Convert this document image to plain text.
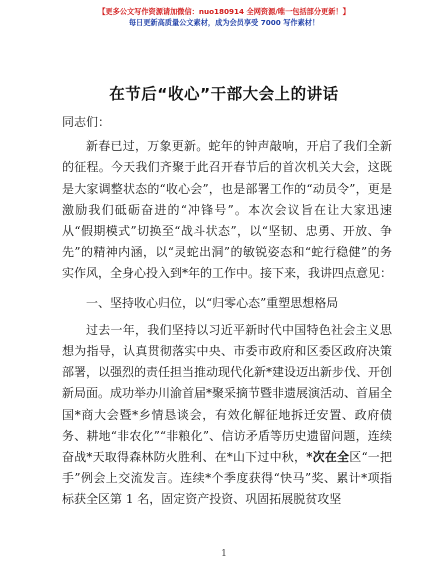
【更多公文写作资源请加微信：nuo180914 全网资源/唯一包括部分更新！】
每日更新高质量公文素材，成为会员享受 7000 写作素材！
在节后“收心”干部大会上的讲话

同志们：

新春已过，万象更新。蛇年的钟声敲响，开启了我们全新的征程。今天我们齐聚于此召开春节后的首次机关大会，这既是大家调整状态的“收心会”，也是部署工作的“动员令”，更是激励我们砥砺奋进的“冲锋号”。本次会议旨在让大家迅速从“假期模式”切换至“战斗状态”，以“坚韧、忠勇、开放、争先”的精神内涵，以“灵蛇出洞”的敏锐姿态和“蛇行稳健”的务实作风，全身心投入到*年的工作中。接下来，我讲四点意见：

一、坚持收心归位，以“归零心态”重塑思想格局

过去一年，我们坚持以习近平新时代中国特色社会主义思想为指导，认真贯彻落实中央、市委市政府和区委区政府决策部署，以强烈的责任担当推动现代化新*建设迈出新步伐、开创新局面。成功举办川渝首届*聚采摘节暨非遗展演活动、首届全国*商大会暨*乡情恳谈会，有效化解征地拆迁安置、政府债务、耕地“非农化”“非粮化”、信访矛盾等历史遗留问题，连续奋战*天取得森林防火胜利、在*山下过中秋，*次在全区“一把手”例会上交流发言。连续*个季度获得“快马”奖、累计*项指标获全区第 1 名，固定资产投资、巩固拓展脱贫攻坚

1
